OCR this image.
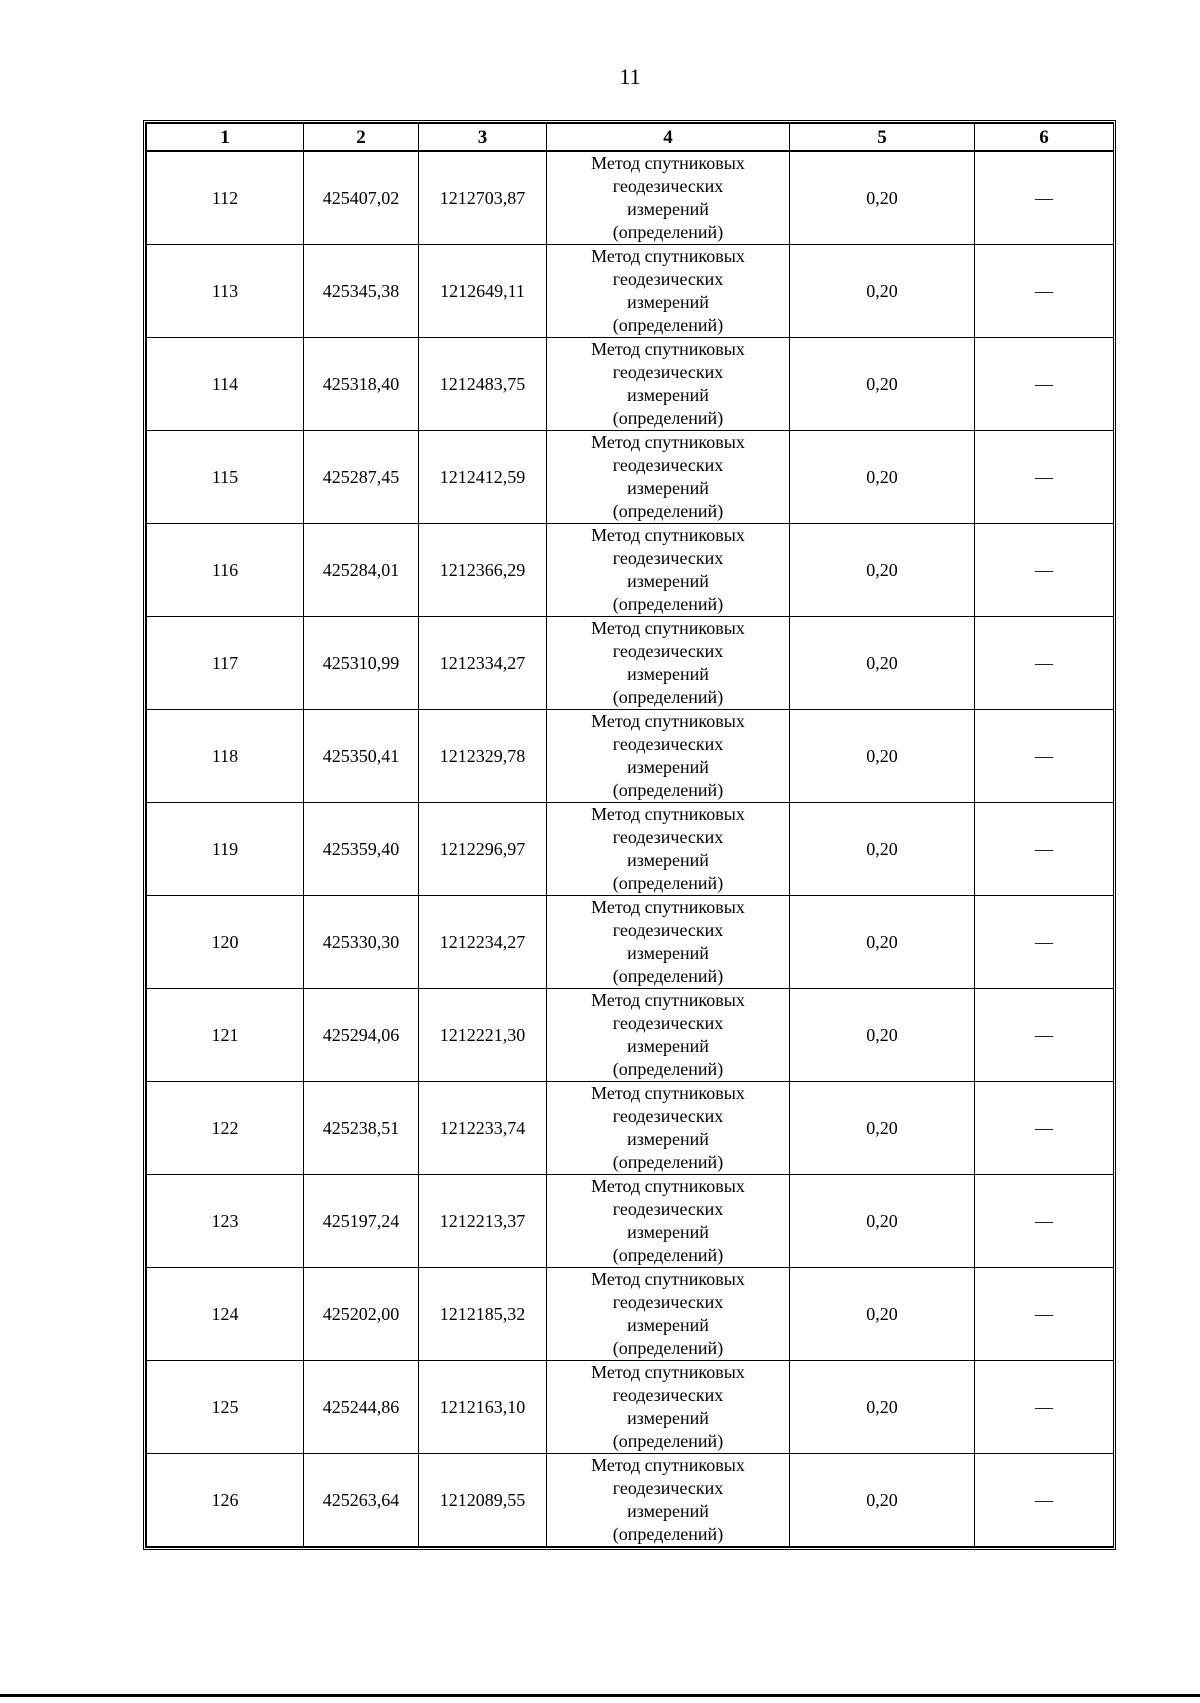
11
1	2	3	4	5	6
112	425407,02	1212703,87	Метод спутниковых
геодезических
измерений
(определений)	0,20	—
113	425345,38	1212649,11	Метод спутниковых
геодезических
измерений
(определений)	0,20	—
114	425318,40	1212483,75	Метод спутниковых
геодезических
измерений
(определений)	0,20	—
115	425287,45	1212412,59	Метод спутниковых
геодезических
измерений
(определений)	0,20	—
116	425284,01	1212366,29	Метод спутниковых
геодезических
измерений
(определений)	0,20	—
117	425310,99	1212334,27	Метод спутниковых
геодезических
измерений
(определений)	0,20	—
118	425350,41	1212329,78	Метод спутниковых
геодезических
измерений
(определений)	0,20	—
119	425359,40	1212296,97	Метод спутниковых
геодезических
измерений
(определений)	0,20	—
120	425330,30	1212234,27	Метод спутниковых
геодезических
измерений
(определений)	0,20	—
121	425294,06	1212221,30	Метод спутниковых
геодезических
измерений
(определений)	0,20	—
122	425238,51	1212233,74	Метод спутниковых
геодезических
измерений
(определений)	0,20	—
123	425197,24	1212213,37	Метод спутниковых
геодезических
измерений
(определений)	0,20	—
124	425202,00	1212185,32	Метод спутниковых
геодезических
измерений
(определений)	0,20	—
125	425244,86	1212163,10	Метод спутниковых
геодезических
измерений
(определений)	0,20	—
126	425263,64	1212089,55	Метод спутниковых
геодезических
измерений
(определений)	0,20	—
